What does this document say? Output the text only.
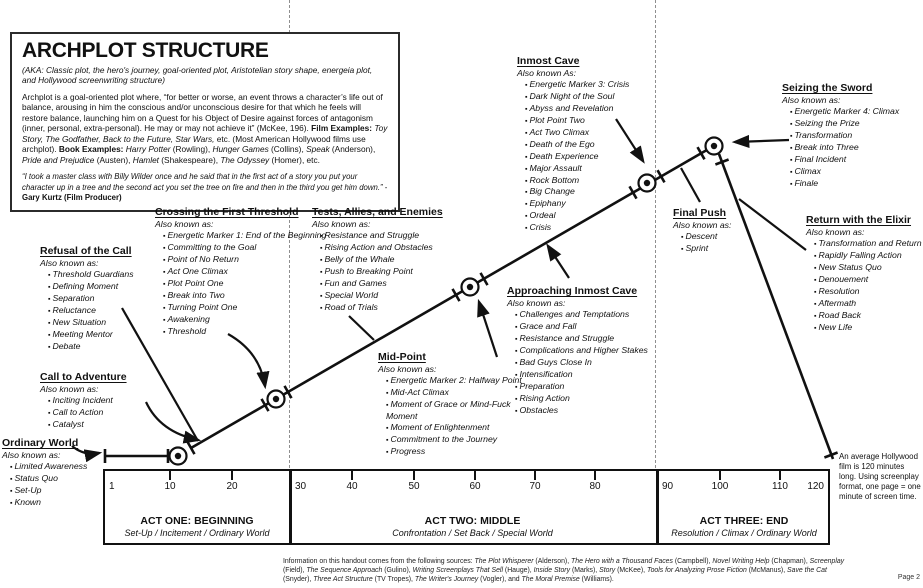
ARCHPLOT STRUCTURE

(AKA: Classic plot, the hero's journey, goal-oriented plot, Aristotelian story shape, energeia plot, and Hollywood screenwriting structure)

Archplot is a goal-oriented plot where, “for better or worse, an event throws a character’s life out of balance, arousing in him the conscious and/or unconscious desire for that which he feels will restore balance, launching him on a Quest for his Object of Desire against forces of antagonism (inner, personal, extra-personal). He may or may not achieve it” (McKee, 196). Film Examples: Toy Story, The Godfather, Back to the Future, Star Wars, etc. (Most American Hollywood films use archplot). Book Examples: Harry Potter (Rowling), Hunger Games (Collins), Speak (Anderson), Pride and Prejudice (Austen), Hamlet (Shakespeare), The Odyssey (Homer), etc.

“I took a master class with Billy Wilder once and he said that in the first act of a story you put your character up in a tree and the second act you set the tree on fire and then in the third you get him down.” - Gary Kurtz (Film Producer)

Ordinary World

Also known as:

▪ Limited Awareness
▪ Status Quo
▪ Set-Up
▪ Known
Call to Adventure

Also known as:

▪ Inciting Incident
▪ Call to Action
▪ Catalyst
Refusal of the Call

Also known as:

▪ Threshold Guardians
▪ Defining Moment
▪ Separation
▪ Reluctance
▪ New Situation
▪ Meeting Mentor
▪ Debate
Crossing the First Threshold

Also known as:

▪ Energetic Marker 1: End of the Beginning
▪ Committing to the Goal
▪ Point of No Return
▪ Act One Climax
▪ Plot Point One
▪ Break into Two
▪ Turning Point One
▪ Awakening
▪ Threshold
Tests, Allies, and Enemies

Also known as:

▪ Resistance and Struggle
▪ Rising Action and Obstacles
▪ Belly of the Whale
▪ Push to Breaking Point
▪ Fun and Games
▪ Special World
▪ Road of Trials
Mid-Point

Also known as:

▪ Energetic Marker 2: Halfway Point
▪ Mid-Act Climax
▪ Moment of Grace or Mind-Fuck Moment
▪ Moment of Enlightenment
▪ Commitment to the Journey
▪ Progress
Approaching Inmost Cave

Also known as:

▪ Challenges and Temptations
▪ Grace and Fall
▪ Resistance and Struggle
▪ Complications and Higher Stakes
▪ Bad Guys Close In
▪ Intensification
▪ Preparation
▪ Rising Action
▪ Obstacles
Inmost Cave

Also known As:

▪ Energetic Marker 3: Crisis
▪ Dark Night of the Soul
▪ Abyss and Revelation
▪ Plot Point Two
▪ Act Two Climax
▪ Death of the Ego
▪ Death Experience
▪ Major Assault
▪ Rock Bottom
▪ Big Change
▪ Epiphany
▪ Ordeal
▪ Crisis
Seizing the Sword

Also known as:

▪ Energetic Marker 4: Climax
▪ Seizing the Prize
▪ Transformation
▪ Break into Three
▪ Final Incident
▪ Climax
▪ Finale
Final Push

Also known as:

▪ Descent
▪ Sprint
Return with the Elixir

Also known as:

▪ Transformation and Return
▪ Rapidly Falling Action
▪ New Status Quo
▪ Denouement
▪ Resolution
▪ Aftermath
▪ Road Back
▪ New Life
1	10	20	30	40	50	60	70	80	90	100	110 120
ACT ONE: BEGINNING
Set-Up / Incitement / Ordinary World
ACT TWO: MIDDLE
Confrontation / Set Back / Special World
ACT THREE: END
Resolution / Climax / Ordinary World

An average Hollywood film is 120 minutes long. Using screenplay format, one page = one minute of screen time.

Information on this handout comes from the following sources: The Plot Whisperer (Alderson), The Hero with a Thousand Faces (Campbell), Novel Writing Help (Chapman), Screenplay (Field), The Sequence Approach (Gulino), Writing Screenplays That Sell (Hauge), Inside Story (Marks), Story (McKee), Tools for Analyzing Prose Fiction (McManus), Save the Cat (Snyder), Three Act Structure (TV Tropes), The Writer's Journey (Vogler), and The Moral Premise (Williams).	Page 2
